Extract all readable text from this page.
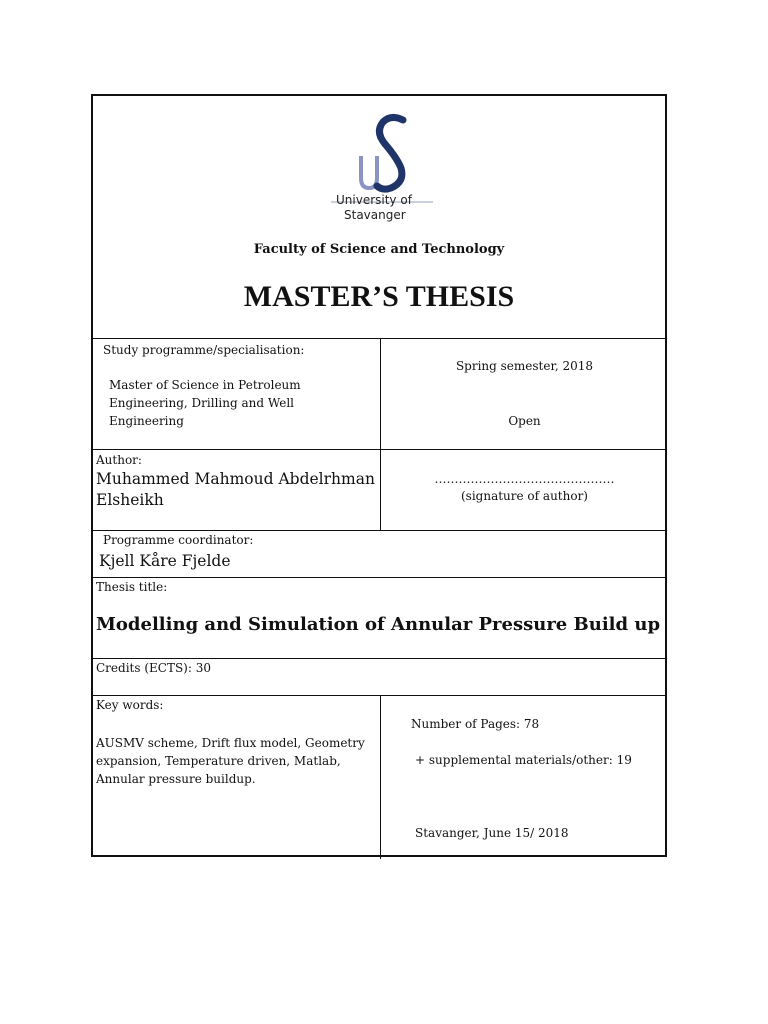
University of
Stavanger
Faculty of Science and Technology
MASTER’S THESIS
Study programme/specialisation:
Master of Science in Petroleum
Engineering, Drilling and Well
Engineering
Spring semester, 2018
Open
Author:
Muhammed Mahmoud Abdelrhman
Elsheikh
………………………………………
(signature of author)
Programme coordinator:
Kjell Kåre Fjelde
Thesis title:
Modelling and Simulation of Annular Pressure Build up
Credits (ECTS): 30
Key words:
AUSMV scheme, Drift flux model, Geometry
expansion, Temperature driven, Matlab,
Annular pressure buildup.
Number of Pages: 78
+ supplemental materials/other: 19
Stavanger, June 15/ 2018
